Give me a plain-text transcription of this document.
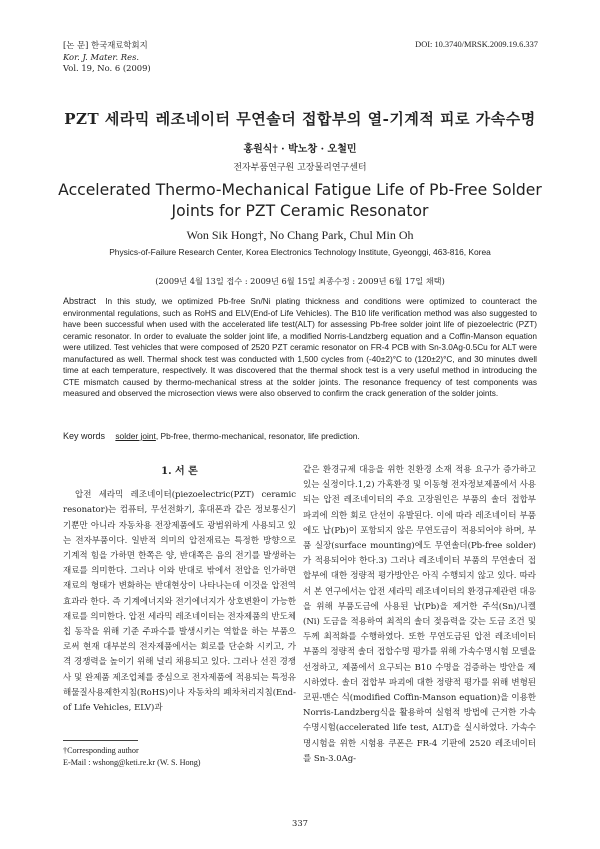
[논 문] 한국재료학회지
Kor. J. Mater. Res.
Vol. 19, No. 6 (2009)
DOI: 10.3740/MRSK.2009.19.6.337
PZT 세라믹 레조네이터 무연솔더 접합부의 열-기계적 피로 가속수명
홍원식† · 박노창 · 오철민
전자부품연구원 고장물리연구센터
Accelerated Thermo-Mechanical Fatigue Life of Pb-Free Solder Joints for PZT Ceramic Resonator
Won Sik Hong†, No Chang Park, Chul Min Oh
Physics-of-Failure Research Center, Korea Electronics Technology Institute, Gyeonggi, 463-816, Korea
(2009년 4월 13일 접수 : 2009년 6월 15일 최종수정 : 2009년 6월 17일 채택)
Abstract In this study, we optimized Pb-free Sn/Ni plating thickness and conditions were optimized to counteract the environmental regulations, such as RoHS and ELV(End-of Life Vehicles). The B10 life verification method was also suggested to have been successful when used with the accelerated life test(ALT) for assessing Pb-free solder joint life of piezoelectric (PZT) ceramic resonator. In order to evaluate the solder joint life, a modified Norris-Landzberg equation and a Coffin-Manson equation were utilized. Test vehicles that were composed of 2520 PZT ceramic resonator on FR-4 PCB with Sn-3.0Ag-0.5Cu for ALT were manufactured as well. Thermal shock test was conducted with 1,500 cycles from (-40±2)°C to (120±2)°C, and 30 minutes dwell time at each temperature, respectively. It was discovered that the thermal shock test is a very useful method in introducing the CTE mismatch caused by thermo-mechanical stress at the solder joints. The resonance frequency of test components was measured and observed the microsection views were also observed to confirm the crack generation of the solder joints.
Key words solder joint, Pb-free, thermo-mechanical, resonator, life prediction.
1. 서 론

압전 세라믹 레조네이터(piezoelectric(PZT) ceramic resonator)는 컴퓨터, 무선전화기, 휴대폰과 같은 정보통신기기뿐만 아니라 자동차용 전장제품에도 광범위하게 사용되고 있는 전자부품이다. 일반적 의미의 압전재료는 특정한 방향으로 기계적 힘을 가하면 한쪽은 양, 반대쪽은 음의 전기를 발생하는 재료를 의미한다. 그러나 이와 반대로 밖에서 전압을 인가하면 재료의 형태가 변화하는 반대현상이 나타나는데 이것을 압전역효과라 한다. 즉 기계에너지와 전기에너지가 상호변환이 가능한 재료를 의미한다. 압전 세라믹 레조네이터는 전자제품의 반도체 칩 동작을 위해 기준 주파수를 발생시키는 역할을 하는 부품으로써 현재 대부분의 전자제품에서는 회로를 단순화 시키고, 가격 경쟁력을 높이기 위해 널리 채용되고 있다. 그러나 선진 경쟁사 및 완제품 제조업체를 중심으로 전자제품에 적용되는 특정유해물질사용제한지침(RoHS)이나 자동차의 폐차처리지침(End-of Life Vehicles, ELV)과

같은 환경규제 대응을 위한 친환경 소재 적용 요구가 증가하고 있는 실정이다.1,2) 가혹환경 및 이동형 전자정보제품에서 사용되는 압전 레조네이터의 주요 고장원인은 부품의 솔더 접합부 파괴에 의한 회로 단선이 유발된다. 이에 따라 레조네이터 부품에도 납(Pb)이 포함되지 않은 무연도금이 적용되어야 하며, 부품 실장(surface mounting)에도 무연솔더(Pb-free solder)가 적용되어야 한다.3) 그러나 레조네이터 부품의 무연솔더 접합부에 대한 정량적 평가방안은 아직 수행되지 않고 있다. 따라서 본 연구에서는 압전 세라믹 레조네이터의 환경규제관련 대응을 위해 부품도금에 사용된 납(Pb)을 제거한 주석(Sn)/니켈(Ni) 도금을 적용하여 최적의 솔더 젖음력을 갖는 도금 조건 및 두께 최적화를 수행하였다. 또한 무연도금된 압전 레조네이터 부품의 정량적 솔더 접합수명 평가를 위해 가속수명시험 모델을 선정하고, 제품에서 요구되는 B10 수명을 검증하는 방안을 제시하였다. 솔더 접합부 파괴에 대한 정량적 평가를 위해 변형된 코핀-맨슨 식(modified Coffin-Manson equation)을 이용한 Norris-Landzberg식을 활용하여 실험적 방법에 근거한 가속수명시험(accelerated life test, ALT)을 실시하였다. 가속수명시험을 위한 시험용 쿠폰은 FR-4 기판에 2520 레조네이터를 Sn-3.0Ag-

†Corresponding author
E-Mail : wshong@keti.re.kr (W. S. Hong)
337
